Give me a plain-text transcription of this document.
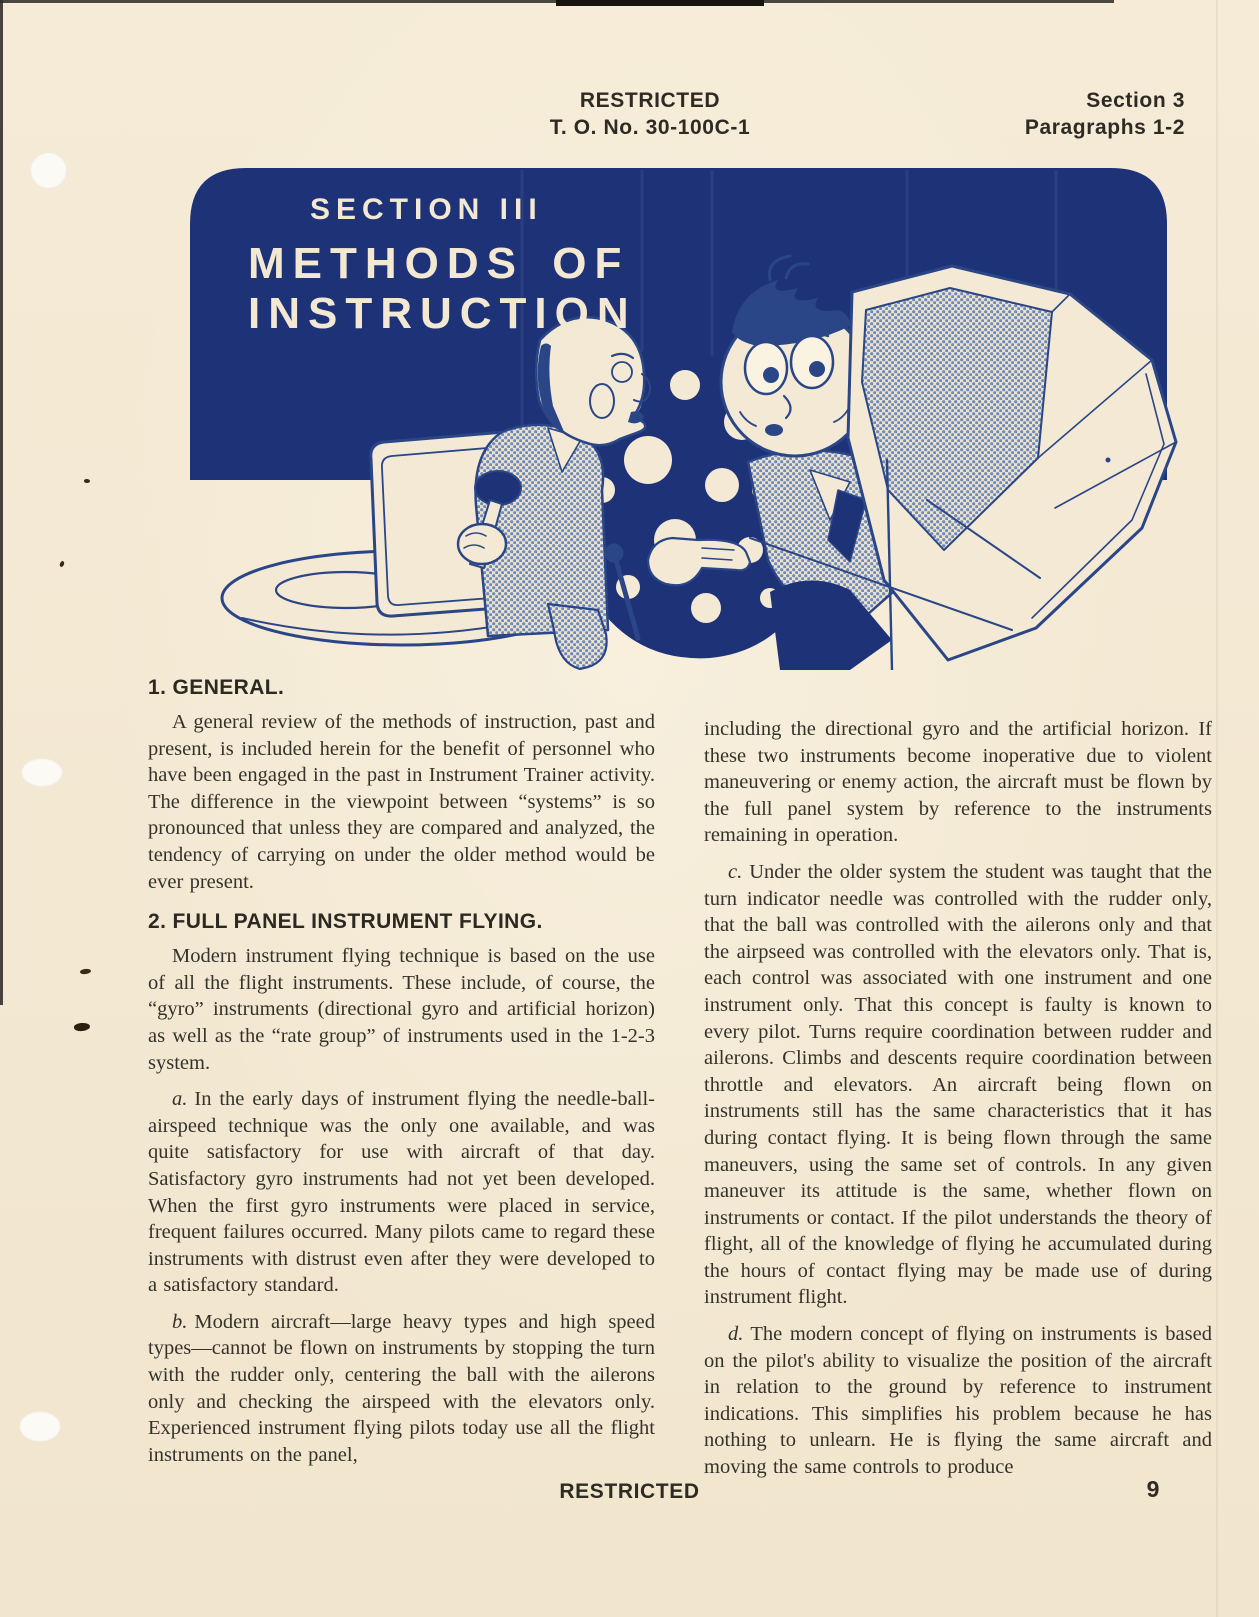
RESTRICTED
T. O. No. 30-100C-1
Section 3
Paragraphs 1-2
SECTION III
METHODS OF
INSTRUCTION
1. GENERAL.

A general review of the methods of instruction, past and present, is included herein for the benefit of personnel who have been engaged in the past in Instrument Trainer activity. The difference in the viewpoint between “systems” is so pronounced that unless they are compared and analyzed, the tendency of carrying on under the older method would be ever present.

2. FULL PANEL INSTRUMENT FLYING.

Modern instrument flying technique is based on the use of all the flight instruments. These include, of course, the “gyro” instruments (directional gyro and artificial horizon) as well as the “rate group” of instruments used in the 1-2-3 system.

a. In the early days of instrument flying the needle-ball-airspeed technique was the only one available, and was quite satisfactory for use with aircraft of that day. Satisfactory gyro instruments had not yet been developed. When the first gyro instruments were placed in service, frequent failures occurred. Many pilots came to regard these instruments with distrust even after they were developed to a satisfactory standard.

b. Modern aircraft—large heavy types and high speed types—cannot be flown on instruments by stopping the turn with the rudder only, centering the ball with the ailerons only and checking the airspeed with the elevators only. Experienced instrument flying pilots today use all the flight instruments on the panel,

including the directional gyro and the artificial horizon. If these two instruments become inoperative due to violent maneuvering or enemy action, the aircraft must be flown by the full panel system by reference to the instruments remaining in operation.

c. Under the older system the student was taught that the turn indicator needle was controlled with the rudder only, that the ball was controlled with the ailerons only and that the airpseed was controlled with the elevators only. That is, each control was associated with one instrument and one instrument only. That this concept is faulty is known to every pilot. Turns require coordination between rudder and ailerons. Climbs and descents require coordination between throttle and elevators. An aircraft being flown on instruments still has the same characteristics that it has during contact flying. It is being flown through the same maneuvers, using the same set of controls. In any given maneuver its attitude is the same, whether flown on instruments or contact. If the pilot understands the theory of flight, all of the knowledge of flying he accumulated during the hours of contact flying may be made use of during instrument flight.

d. The modern concept of flying on instruments is based on the pilot's ability to visualize the position of the aircraft in relation to the ground by reference to instrument indications. This simplifies his problem because he has nothing to unlearn. He is flying the same aircraft and moving the same controls to produce

RESTRICTED	9
